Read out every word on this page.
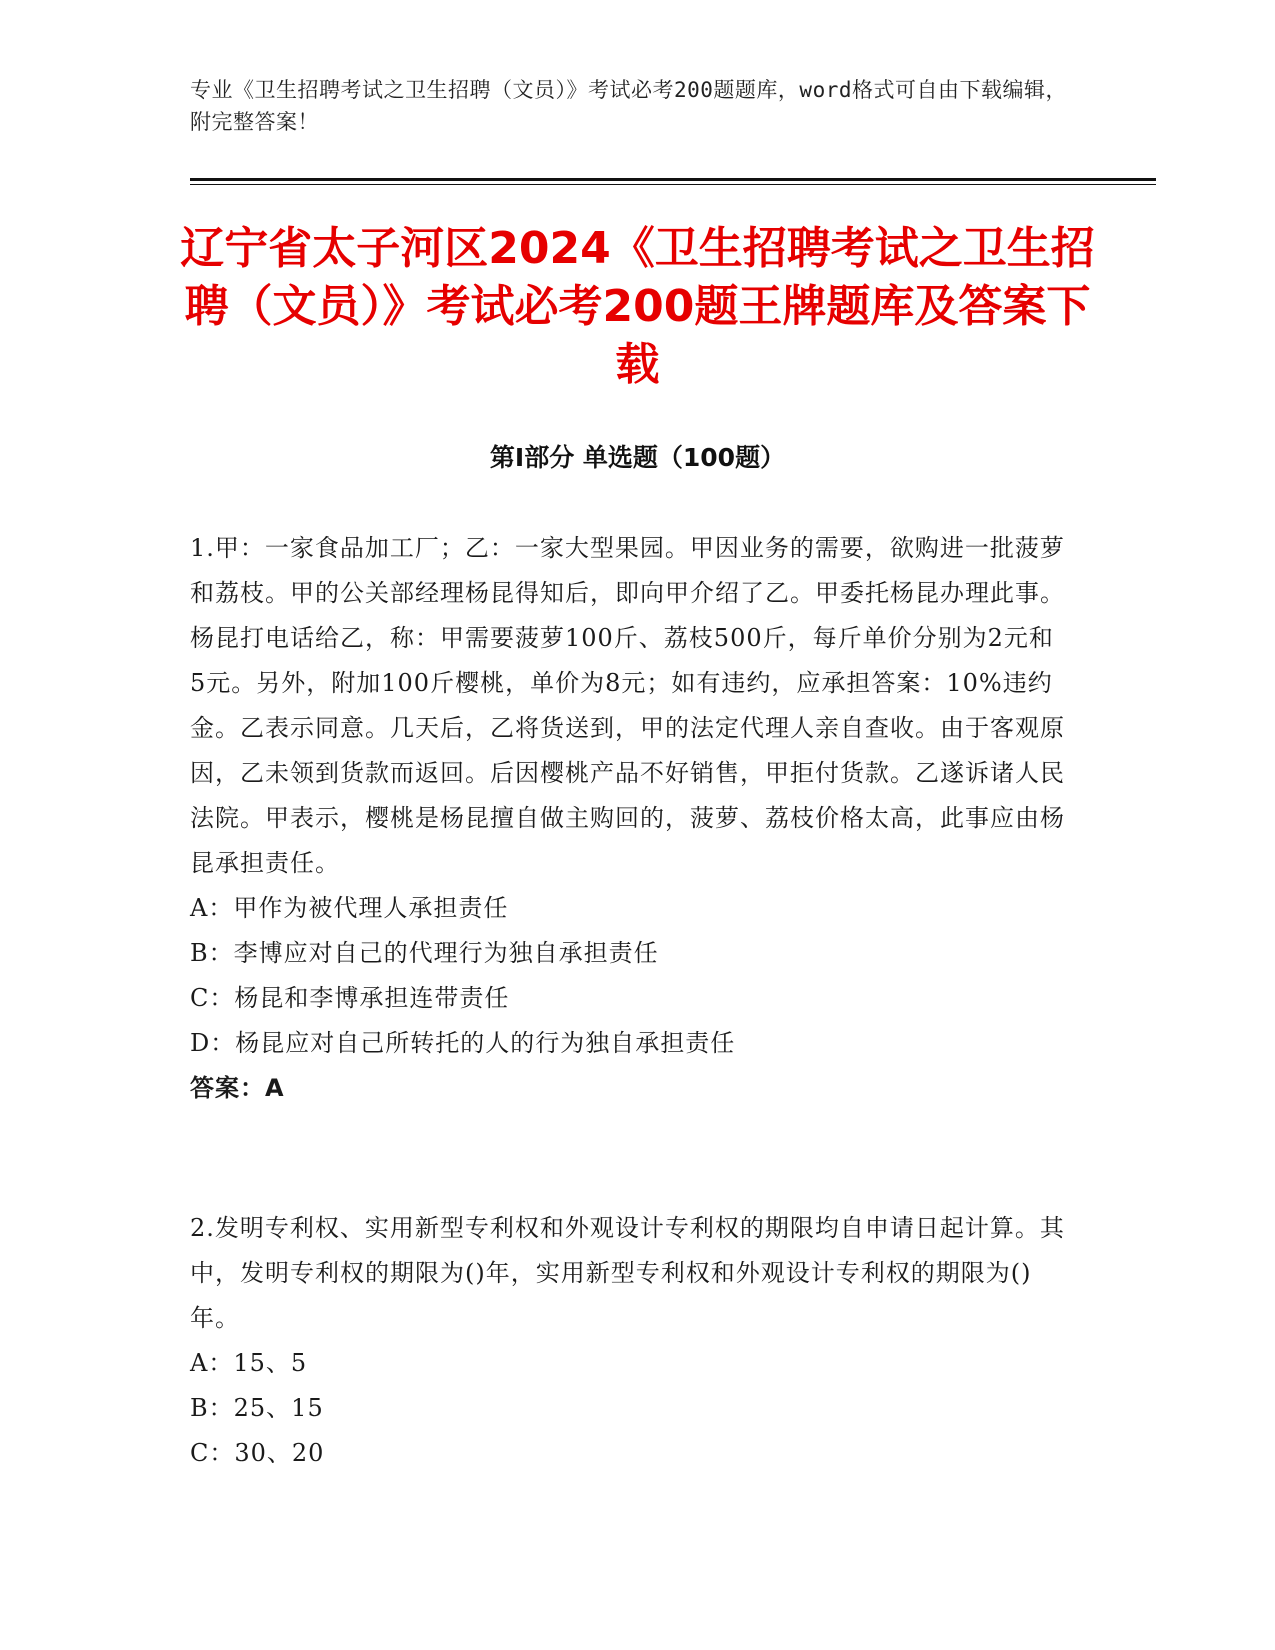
专业《卫生招聘考试之卫生招聘（文员）》考试必考200题题库，word格式可自由下载编辑，附完整答案！
辽宁省太子河区2024《卫生招聘考试之卫生招聘（文员）》考试必考200题王牌题库及答案下载
第Ⅰ部分 单选题（100题）

1.甲：一家食品加工厂；乙：一家大型果园。甲因业务的需要，欲购进一批菠萝和荔枝。甲的公关部经理杨昆得知后，即向甲介绍了乙。甲委托杨昆办理此事。杨昆打电话给乙，称：甲需要菠萝100斤、荔枝500斤，每斤单价分别为2元和5元。另外，附加100斤樱桃，单价为8元；如有违约，应承担答案：10%违约金。乙表示同意。几天后，乙将货送到，甲的法定代理人亲自查收。由于客观原因，乙未领到货款而返回。后因樱桃产品不好销售，甲拒付货款。乙遂诉诸人民法院。甲表示，樱桃是杨昆擅自做主购回的，菠萝、荔枝价格太高，此事应由杨昆承担责任。

A：甲作为被代理人承担责任

B：李博应对自己的代理行为独自承担责任

C：杨昆和李博承担连带责任

D：杨昆应对自己所转托的人的行为独自承担责任

答案：A

2.发明专利权、实用新型专利权和外观设计专利权的期限均自申请日起计算。其中，发明专利权的期限为()年，实用新型专利权和外观设计专利权的期限为()年。

A：15、5

B：25、15

C：30、20
